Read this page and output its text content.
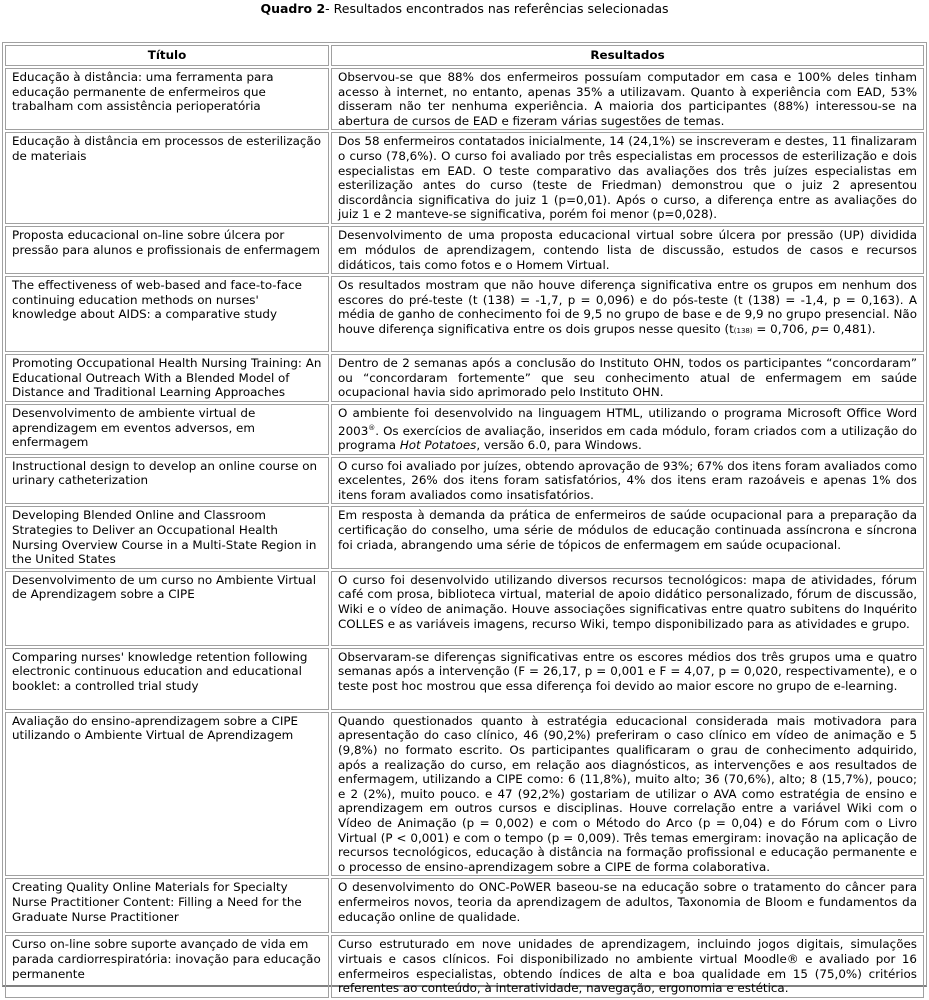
Quadro 2- Resultados encontrados nas referências selecionadas
Título	Resultados
Educação à distância: uma ferramenta para educação permanente de enfermeiros que trabalham com assistência perioperatória	Observou-se que 88% dos enfermeiros possuíam computador em casa e 100% deles tinham acesso à internet, no entanto, apenas 35% a utilizavam. Quanto à experiência com EAD, 53% disseram não ter nenhuma experiência. A maioria dos participantes (88%) interessou-se na abertura de cursos de EAD e fizeram várias sugestões de temas.
Educação à distância em processos de esterilização de materiais	Dos 58 enfermeiros contatados inicialmente, 14 (24,1%) se inscreveram e destes, 11 finalizaram o curso (78,6%). O curso foi avaliado por três especialistas em processos de esterilização e dois especialistas em EAD. O teste comparativo das avaliações dos três juízes especialistas em esterilização antes do curso (teste de Friedman) demonstrou que o juiz 2 apresentou discordância significativa do juiz 1 (p=0,01). Após o curso, a diferença entre as avaliações do juiz 1 e 2 manteve-se significativa, porém foi menor (p=0,028).
Proposta educacional on-line sobre úlcera por pressão para alunos e profissionais de enfermagem	Desenvolvimento de uma proposta educacional virtual sobre úlcera por pressão (UP) dividida em módulos de aprendizagem, contendo lista de discussão, estudos de casos e recursos didáticos, tais como fotos e o Homem Virtual.
The effectiveness of web-based and face-to-face continuing education methods on nurses' knowledge about AIDS: a comparative study	Os resultados mostram que não houve diferença significativa entre os grupos em nenhum dos escores do pré-teste (t (138) = -1,7, p = 0,096) e do pós-teste (t (138) = -1,4, p = 0,163). A média de ganho de conhecimento foi de 9,5 no grupo de base e de 9,9 no grupo presencial. Não houve diferença significativa entre os dois grupos nesse quesito (t(138) = 0,706, p= 0,481).
Promoting Occupational Health Nursing Training: An Educational Outreach With a Blended Model of Distance and Traditional Learning Approaches	Dentro de 2 semanas após a conclusão do Instituto OHN, todos os participantes “concordaram” ou “concordaram fortemente” que seu conhecimento atual de enfermagem em saúde ocupacional havia sido aprimorado pelo Instituto OHN.
Desenvolvimento de ambiente virtual de aprendizagem em eventos adversos, em enfermagem	O ambiente foi desenvolvido na linguagem HTML, utilizando o programa Microsoft Office Word 2003®. Os exercícios de avaliação, inseridos em cada módulo, foram criados com a utilização do programa Hot Potatoes, versão 6.0, para Windows.
Instructional design to develop an online course on urinary catheterization	O curso foi avaliado por juízes, obtendo aprovação de 93%; 67% dos itens foram avaliados como excelentes, 26% dos itens foram satisfatórios, 4% dos itens eram razoáveis e apenas 1% dos itens foram avaliados como insatisfatórios.
Developing Blended Online and Classroom Strategies to Deliver an Occupational Health Nursing Overview Course in a Multi-State Region in the United States	Em resposta à demanda da prática de enfermeiros de saúde ocupacional para a preparação da certificação do conselho, uma série de módulos de educação continuada assíncrona e síncrona foi criada, abrangendo uma série de tópicos de enfermagem em saúde ocupacional.
Desenvolvimento de um curso no Ambiente Virtual de Aprendizagem sobre a CIPE	O curso foi desenvolvido utilizando diversos recursos tecnológicos: mapa de atividades, fórum café com prosa, biblioteca virtual, material de apoio didático personalizado, fórum de discussão, Wiki e o vídeo de animação. Houve associações significativas entre quatro subitens do Inquérito COLLES e as variáveis imagens, recurso Wiki, tempo disponibilizado para as atividades e grupo.
Comparing nurses' knowledge retention following electronic continuous education and educational booklet: a controlled trial study	Observaram-se diferenças significativas entre os escores médios dos três grupos uma e quatro semanas após a intervenção (F = 26,17, p = 0,001 e F = 4,07, p = 0,020, respectivamente), e o teste post hoc mostrou que essa diferença foi devido ao maior escore no grupo de e-learning.
Avaliação do ensino-aprendizagem sobre a CIPE utilizando o Ambiente Virtual de Aprendizagem	Quando questionados quanto à estratégia educacional considerada mais motivadora para apresentação do caso clínico, 46 (90,2%) preferiram o caso clínico em vídeo de animação e 5 (9,8%) no formato escrito. Os participantes qualificaram o grau de conhecimento adquirido, após a realização do curso, em relação aos diagnósticos, as intervenções e aos resultados de enfermagem, utilizando a CIPE como: 6 (11,8%), muito alto; 36 (70,6%), alto; 8 (15,7%), pouco; e 2 (2%), muito pouco. e 47 (92,2%) gostariam de utilizar o AVA como estratégia de ensino e aprendizagem em outros cursos e disciplinas. Houve correlação entre a variável Wiki com o Vídeo de Animação (p = 0,002) e com o Método do Arco (p = 0,04) e do Fórum com o Livro Virtual (P < 0,001) e com o tempo (p = 0,009). Três temas emergiram: inovação na aplicação de recursos tecnológicos, educação à distância na formação profissional e educação permanente e o processo de ensino-aprendizagem sobre a CIPE de forma colaborativa.
Creating Quality Online Materials for Specialty Nurse Practitioner Content: Filling a Need for the Graduate Nurse Practitioner	O desenvolvimento do ONC-PoWER baseou-se na educação sobre o tratamento do câncer para enfermeiros novos, teoria da aprendizagem de adultos, Taxonomia de Bloom e fundamentos da educação online de qualidade.
Curso on-line sobre suporte avançado de vida em parada cardiorrespiratória: inovação para educação permanente	Curso estruturado em nove unidades de aprendizagem, incluindo jogos digitais, simulações virtuais e casos clínicos. Foi disponibilizado no ambiente virtual Moodle® e avaliado por 16 enfermeiros especialistas, obtendo índices de alta e boa qualidade em 15 (75,0%) critérios referentes ao conteúdo, à interatividade, navegação, ergonomia e estética.
